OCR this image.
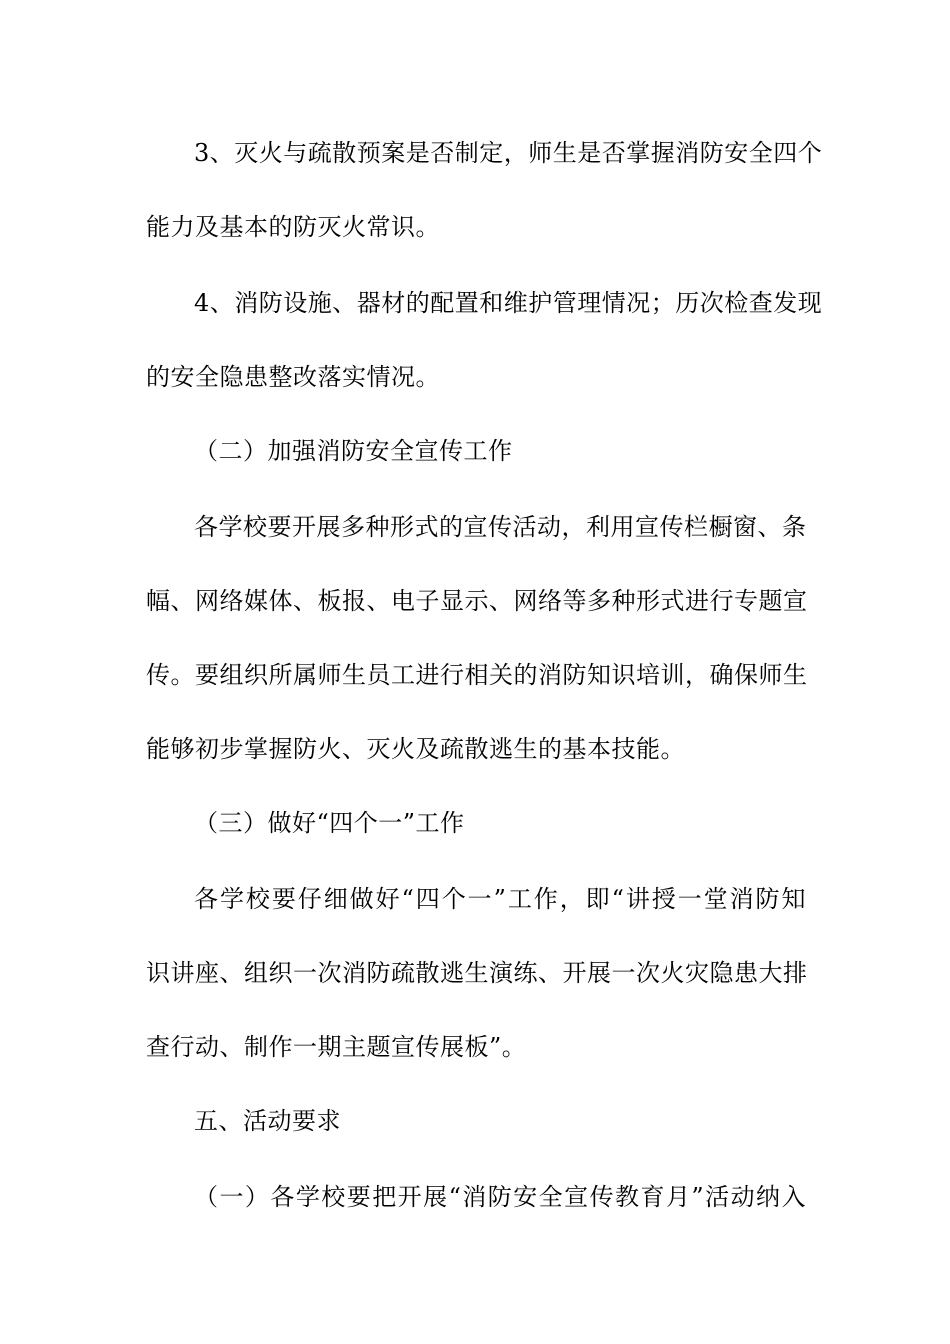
3、灭火与疏散预案是否制定，师生是否掌握消防安全四个
能力及基本的防灭火常识。
4、消防设施、器材的配置和维护管理情况；历次检查发现
的安全隐患整改落实情况。
（二）加强消防安全宣传工作
各学校要开展多种形式的宣传活动，利用宣传栏橱窗、条
幅、网络媒体、板报、电子显示、网络等多种形式进行专题宣
传。要组织所属师生员工进行相关的消防知识培训，确保师生
能够初步掌握防火、灭火及疏散逃生的基本技能。
（三）做好“四个一”工作
各学校要仔细做好“四个一”工作，即“讲授一堂消防知
识讲座、组织一次消防疏散逃生演练、开展一次火灾隐患大排
查行动、制作一期主题宣传展板”。
五、活动要求
（一）各学校要把开展“消防安全宣传教育月”活动纳入
